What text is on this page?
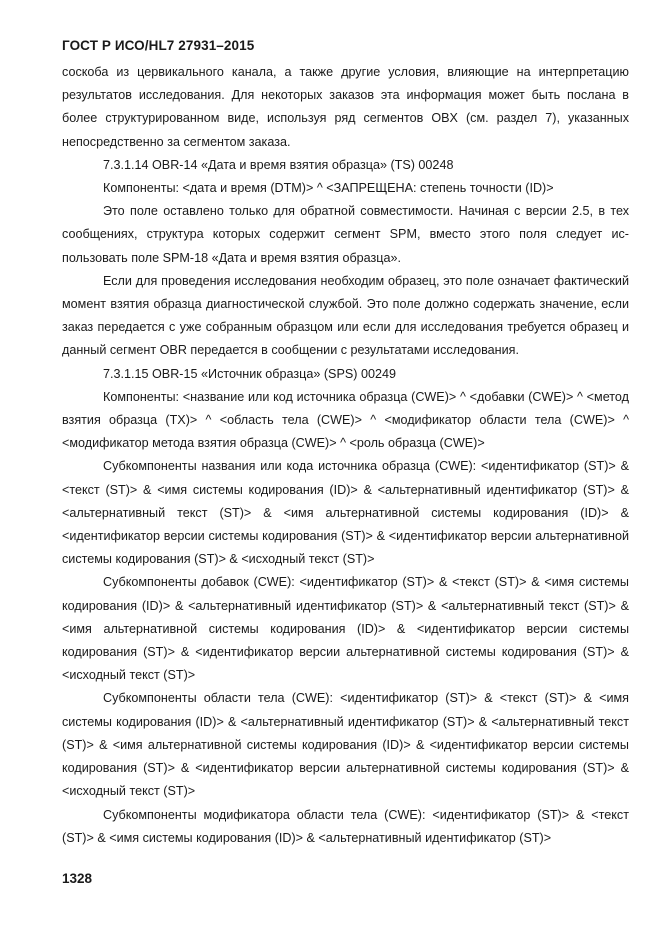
ГОСТ Р ИСО/HL7 27931–2015

соскоба из цервикального канала, а также другие условия, влияющие на интерпретацию результатов исследования. Для некоторых заказов эта информация может быть послана в более структурированном виде, используя ряд сегментов OBX (см. раздел 7), указанных непосредственно за сегментом заказа.

7.3.1.14 OBR-14 «Дата и время взятия образца» (TS) 00248

Компоненты: <дата и время (DTM)> ^ <ЗАПРЕЩЕНА: степень точности (ID)>

Это поле оставлено только для обратной совместимости. Начиная с версии 2.5, в тех сообщениях, структура которых содержит сегмент SPM, вместо этого поля следует использовать поле SPM-18 «Дата и время взятия образца».

Если для проведения исследования необходим образец, это поле означает фактический момент взятия образца диагностической службой. Это поле должно содержать значение, если заказ передается с уже собранным образцом или если для исследования требуется образец и данный сегмент OBR передается в сообщении с результатами исследования.

7.3.1.15 OBR-15 «Источник образца» (SPS) 00249

Компоненты: <название или код источника образца (CWE)> ^ <добавки (CWE)> ^ <метод взятия образца (TX)> ^ <область тела (CWE)> ^ <модификатор области тела (CWE)> ^ <модификатор метода взятия образца (CWE)> ^ <роль образца (CWE)>

Субкомпоненты названия или кода источника образца (CWE): <идентификатор (ST)> & <текст (ST)> & <имя системы кодирования (ID)> & <альтернативный идентификатор (ST)> & <альтернативный текст (ST)> & <имя альтернативной системы кодирования (ID)> & <идентификатор версии системы кодирования (ST)> & <идентификатор версии альтернативной системы кодирования (ST)> & <исходный текст (ST)>

Субкомпоненты добавок (CWE): <идентификатор (ST)> & <текст (ST)> & <имя системы кодирования (ID)> & <альтернативный идентификатор (ST)> & <альтернативный текст (ST)> & <имя альтернативной системы кодирования (ID)> & <идентификатор версии системы кодирования (ST)> & <идентификатор версии альтернативной системы кодирования (ST)> & <исходный текст (ST)>

Субкомпоненты области тела (CWE): <идентификатор (ST)> & <текст (ST)> & <имя системы кодирования (ID)> & <альтернативный идентификатор (ST)> & <альтернативный текст (ST)> & <имя альтернативной системы кодирования (ID)> & <идентификатор версии системы кодирования (ST)> & <идентификатор версии альтернативной системы кодирования (ST)> & <исходный текст (ST)>

Субкомпоненты модификатора области тела (CWE): <идентификатор (ST)> & <текст (ST)> & <имя системы кодирования (ID)> & <альтернативный идентификатор (ST)>

1328
